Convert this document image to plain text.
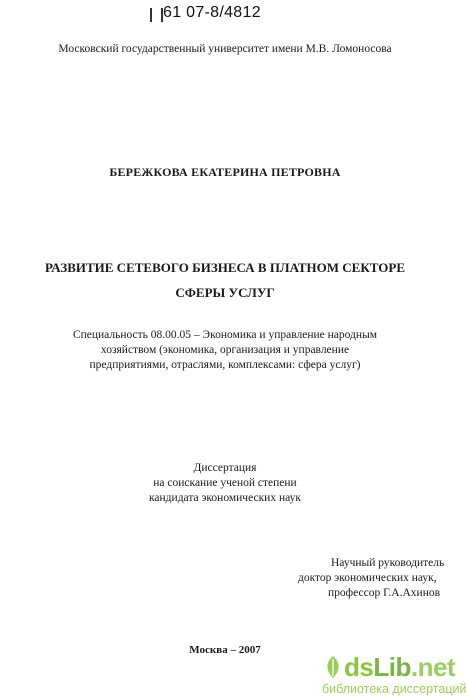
61 07-8/4812
Московский государственный университет имени М.В. Ломоносова
БЕРЕЖКОВА ЕКАТЕРИНА ПЕТРОВНА
РАЗВИТИЕ СЕТЕВОГО БИЗНЕСА В ПЛАТНОМ СЕКТОРЕ
СФЕРЫ УСЛУГ
Специальность 08.00.05 – Экономика и управление народным
хозяйством (экономика, организация и управление
предприятиями, отраслями, комплексами: сфера услуг)
Диссертация
на соискание ученой степени
кандидата экономических наук
Научный руководитель
доктор экономических наук,
профессор Г.А.Ахинов
Москва – 2007
dsLib.net
библиотека диссертаций
